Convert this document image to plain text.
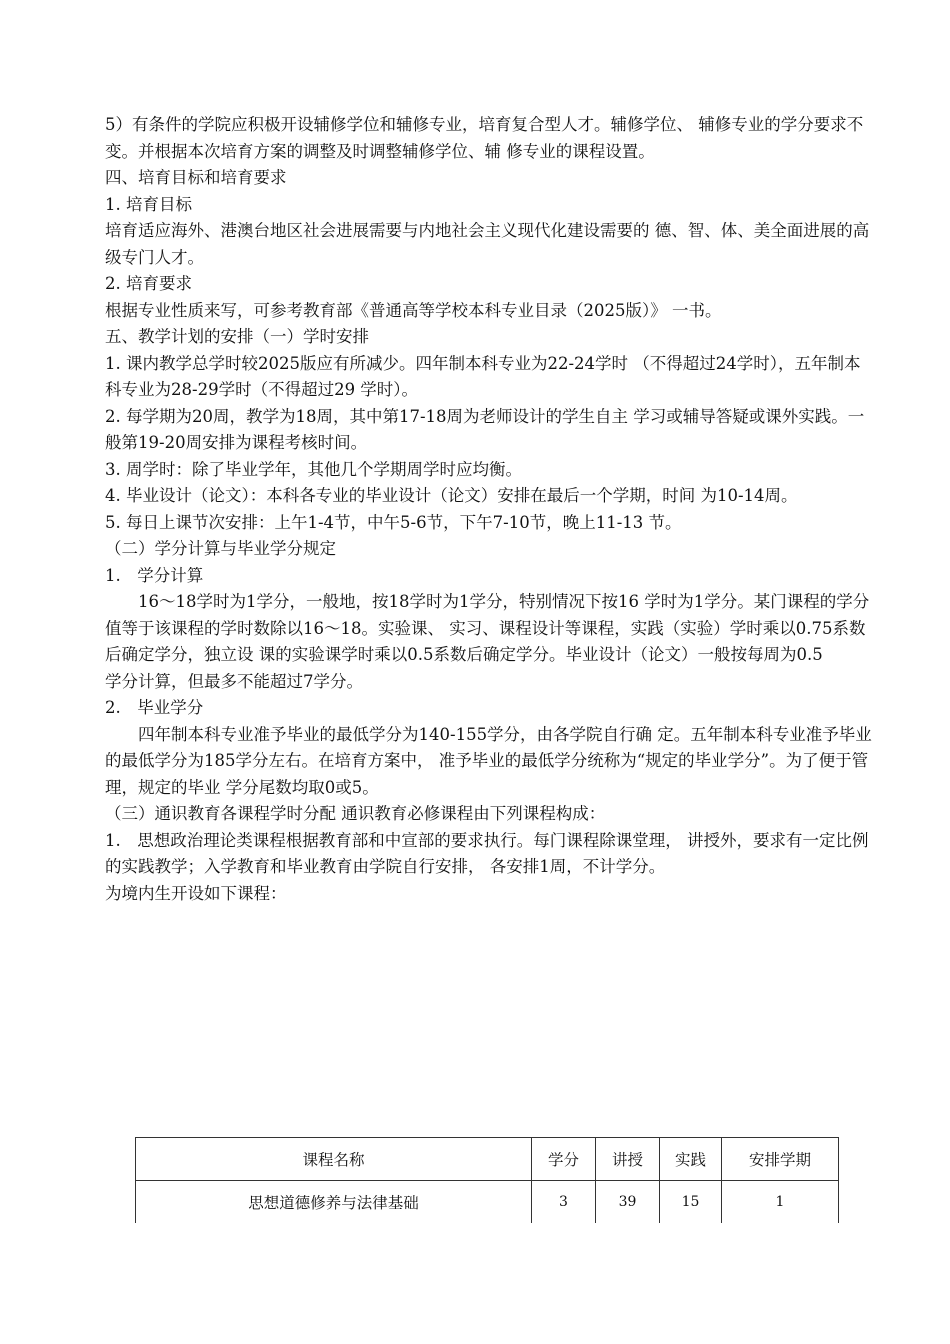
5）有条件的学院应积极开设辅修学位和辅修专业，培育复合型人才。辅修学位、 辅修专业的学分要求不变。并根据本次培育方案的调整及时调整辅修学位、辅 修专业的课程设置。

四、培育目标和培育要求

1. 培育目标

培育适应海外、港澳台地区社会进展需要与内地社会主义现代化建设需要的 德、智、体、美全面进展的高级专门人才。

2. 培育要求

根据专业性质来写，可参考教育部《普通高等学校本科专业目录（2025版）》 一书。

五、教学计划的安排（一）学时安排

1. 课内教学总学时较2025版应有所减少。四年制本科专业为22-24学时 （不得超过24学时），五年制本科专业为28-29学时（不得超过29 学时）。

2. 每学期为20周，教学为18周，其中第17-18周为老师设计的学生自主 学习或辅导答疑或课外实践。一般第19-20周安排为课程考核时间。

3. 周学时：除了毕业学年，其他几个学期周学时应均衡。

4. 毕业设计（论文）：本科各专业的毕业设计（论文）安排在最后一个学期，时间 为10-14周。

5. 每日上课节次安排：上午1-4节，中午5-6节，下午7-10节，晚上11-13 节。

（二）学分计算与毕业学分规定

1.　学分计算

16〜18学时为1学分，一般地，按18学时为1学分，特别情况下按16 学时为1学分。某门课程的学分值等于该课程的学时数除以16〜18。实验课、 实习、课程设计等课程，实践（实验）学时乘以0.75系数后确定学分，独立设 课的实验课学时乘以0.5系数后确定学分。毕业设计（论文）一般按每周为0.5

学分计算，但最多不能超过7学分。

2.　毕业学分

四年制本科专业准予毕业的最低学分为140-155学分，由各学院自行确 定。五年制本科专业准予毕业的最低学分为185学分左右。在培育方案中， 准予毕业的最低学分统称为“规定的毕业学分”。为了便于管理，规定的毕业 学分尾数均取0或5。

（三）通识教育各课程学时分配 通识教育必修课程由下列课程构成：

1.　思想政治理论类课程根据教育部和中宣部的要求执行。每门课程除课堂理， 讲授外，要求有一定比例的实践教学；入学教育和毕业教育由学院自行安排， 各安排1周，不计学分。

为境内生开设如下课程：

课程名称	学分	讲授	实践	安排学期
思想道德修养与法律基础	3	39	15	1
